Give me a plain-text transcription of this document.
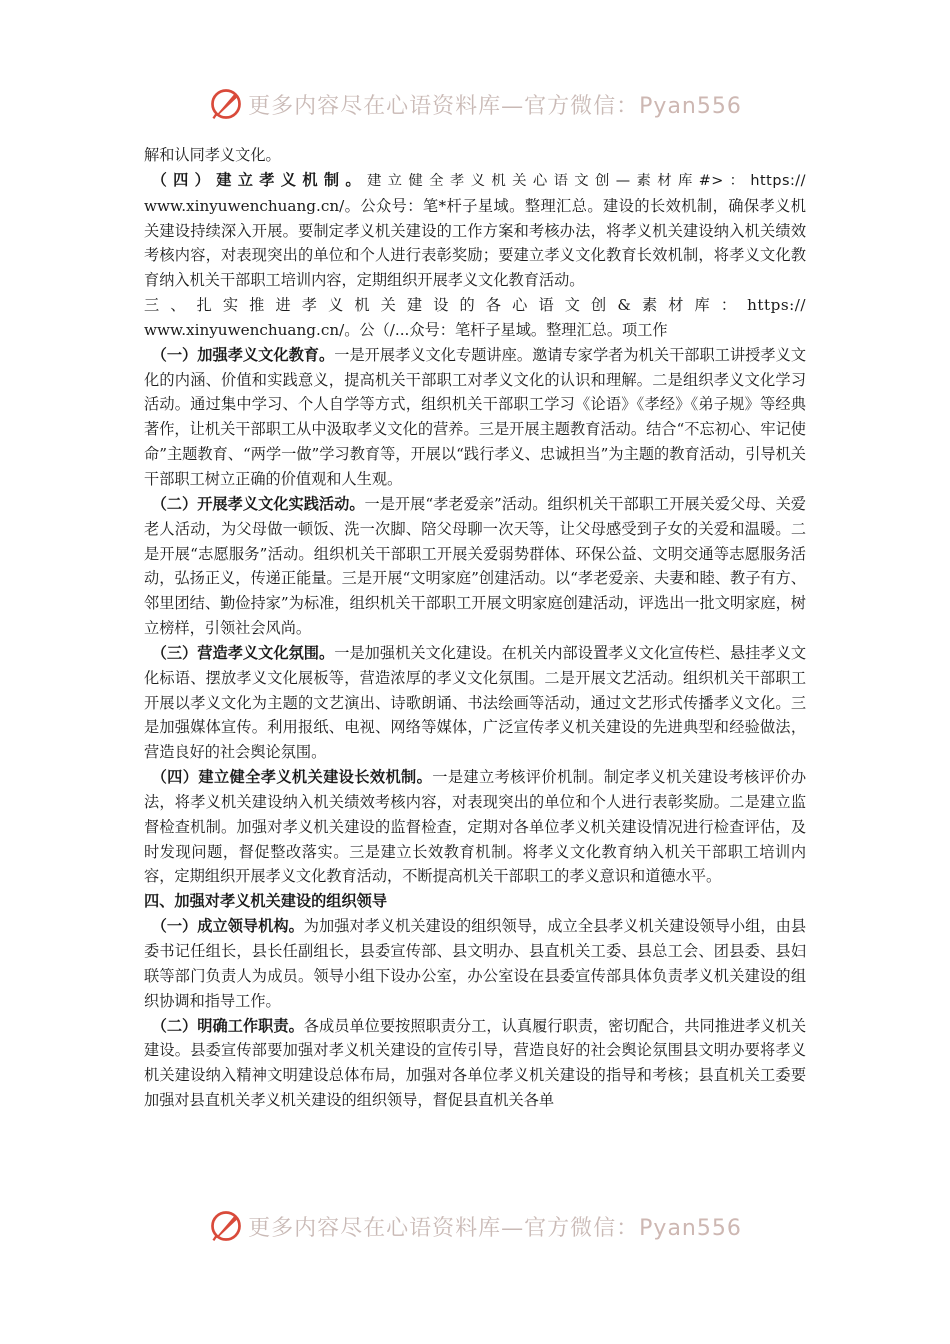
更多内容尽在心语资料库—官方微信：Pyan556

解和认同孝义文化。

（四）建立孝义机制。建立健全孝义机关心语文创—素材库#>：https://

www.xinyuwenchuang.cn/。公众号：笔*杆子星域。整理汇总。建设的长效机制，确保孝义机关建设持续深入开展。要制定孝义机关建设的工作方案和考核办法，将孝义机关建设纳入机关绩效考核内容，对表现突出的单位和个人进行表彰奖励；要建立孝义文化教育长效机制，将孝义文化教育纳入机关干部职工培训内容，定期组织开展孝义文化教育活动。

三、扎实推进孝义机关建设的各心语文创&素材库：https://

www.xinyuwenchuang.cn/。公（/...众号：笔杆子星域。整理汇总。项工作

（一）加强孝义文化教育。一是开展孝义文化专题讲座。邀请专家学者为机关干部职工讲授孝义文化的内涵、价值和实践意义，提高机关干部职工对孝义文化的认识和理解。二是组织孝义文化学习活动。通过集中学习、个人自学等方式，组织机关干部职工学习《论语》《孝经》《弟子规》等经典著作，让机关干部职工从中汲取孝义文化的营养。三是开展主题教育活动。结合“不忘初心、牢记使命”主题教育、“两学一做”学习教育等，开展以“践行孝义、忠诚担当”为主题的教育活动，引导机关干部职工树立正确的价值观和人生观。

（二）开展孝义文化实践活动。一是开展“孝老爱亲”活动。组织机关干部职工开展关爱父母、关爱老人活动，为父母做一顿饭、洗一次脚、陪父母聊一次天等，让父母感受到子女的关爱和温暖。二是开展“志愿服务”活动。组织机关干部职工开展关爱弱势群体、环保公益、文明交通等志愿服务活动，弘扬正义，传递正能量。三是开展“文明家庭”创建活动。以“孝老爱亲、夫妻和睦、教子有方、邻里团结、勤俭持家”为标准，组织机关干部职工开展文明家庭创建活动，评选出一批文明家庭，树立榜样，引领社会风尚。

（三）营造孝义文化氛围。一是加强机关文化建设。在机关内部设置孝义文化宣传栏、悬挂孝义文化标语、摆放孝义文化展板等，营造浓厚的孝义文化氛围。二是开展文艺活动。组织机关干部职工开展以孝义文化为主题的文艺演出、诗歌朗诵、书法绘画等活动，通过文艺形式传播孝义文化。三是加强媒体宣传。利用报纸、电视、网络等媒体，广泛宣传孝义机关建设的先进典型和经验做法，营造良好的社会舆论氛围。

（四）建立健全孝义机关建设长效机制。一是建立考核评价机制。制定孝义机关建设考核评价办法，将孝义机关建设纳入机关绩效考核内容，对表现突出的单位和个人进行表彰奖励。二是建立监督检查机制。加强对孝义机关建设的监督检查，定期对各单位孝义机关建设情况进行检查评估，及时发现问题，督促整改落实。三是建立长效教育机制。将孝义文化教育纳入机关干部职工培训内容，定期组织开展孝义文化教育活动，不断提高机关干部职工的孝义意识和道德水平。

四、加强对孝义机关建设的组织领导

（一）成立领导机构。为加强对孝义机关建设的组织领导，成立全县孝义机关建设领导小组，由县委书记任组长，县长任副组长，县委宣传部、县文明办、县直机关工委、县总工会、团县委、县妇联等部门负责人为成员。领导小组下设办公室，办公室设在县委宣传部具体负责孝义机关建设的组织协调和指导工作。

（二）明确工作职责。各成员单位要按照职责分工，认真履行职责，密切配合，共同推进孝义机关建设。县委宣传部要加强对孝义机关建设的宣传引导，营造良好的社会舆论氛围县文明办要将孝义机关建设纳入精神文明建设总体布局，加强对各单位孝义机关建设的指导和考核；县直机关工委要加强对县直机关孝义机关建设的组织领导，督促县直机关各单

更多内容尽在心语资料库—官方微信：Pyan556
